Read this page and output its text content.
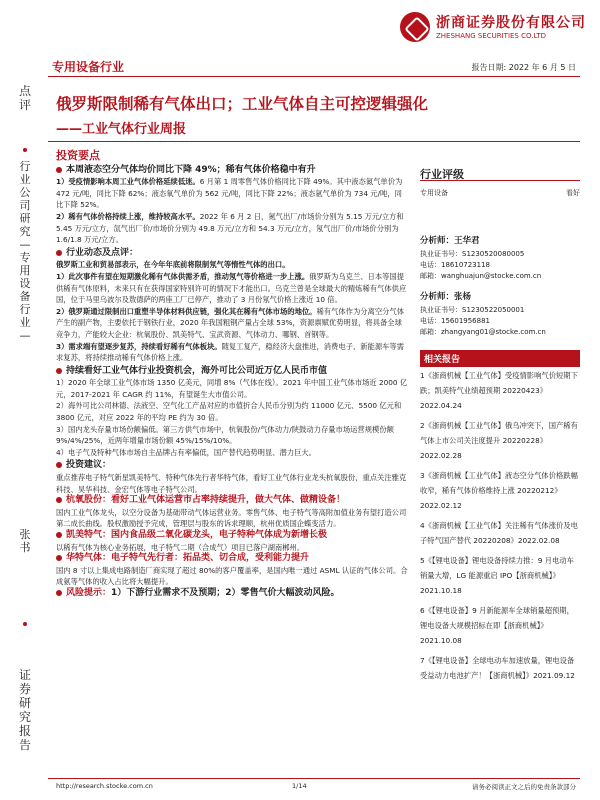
浙商证券股份有限公司
ZHESHANG SECURITIES CO.LTD
专用设备行业	报告日期: 2022 年 6 月 5 日
点评
行业公司研究—专用设备行业—
张书
证券研究报告
俄罗斯限制稀有气体出口；工业气体自主可控逻辑强化
——工业气体行业周报
投资要点

本周液态空分气体均价同比下降 49%；稀有气体价格稳中有升

1）受疫情影响本周工业气体价格延续低迷。6 月第 1 周零售气体价格同比下降 49%。其中液态氮气单价为 472 元/吨，同比下降 62%；液态氧气单价为 562 元/吨，同比下降 22%；液态氩气单价为 734 元/吨，同比下降 52%。

2）稀有气体价格持续上涨，维持较高水平。2022 年 6 月 2 日，氪气出厂/市场价分别为 5.15 万元/立方和 5.45 万元/立方，氙气出厂价/市场价分别为 49.8 万元/立方和 54.3 万元/立方，氖气出厂价/市场价分别为 1.6/1.8 万元/立方。

行业动态及点评：

俄罗斯工业和贸易部表示，在今年年底前将限制氖气等惰性气体的出口。

1）此次事件有望在短期激化稀有气体供需矛盾，推动氖气等价格进一步上涨。俄罗斯为乌克兰、日本等国提供稀有气体原料，未来只有在获得国家特别许可的情况下才能出口。乌克兰曾是全球最大的精炼稀有气体供应国，位于马里乌波尔及敖德萨的两座工厂已停产，推动了 3 月份氖气价格上涨近 10 倍。

2）俄罗斯通过限制出口重塑半导体材料供应链，强化其在稀有气体市场的地位。稀有气体作为分离空分气体产生的副产物，主要依托于钢铁行业，2020 年我国粗钢产量占全球 53%，资源禀赋优势明显，将具备全球竞争力，产能较大企业：杭氧股份、凯美特气、宝武资源、气体动力、哪钢、首钢等。

3）需求端有望逐步复苏，持续看好稀有气体板块。随复工复产，稳经济大盘推进，消费电子、新能源车等需求复苏，将持续推动稀有气体价格上涨。

持续看好工业气体行业投资机会，海外可比公司近万亿人民币市值

1）2020 年全球工业气体市场 1350 亿美元，同增 8%（气体在线）。2021 年中国工业气体市场近 2000 亿元，2017-2021 年 CAGR 约 11%，有望诞生大市值公司。

2）海外可比公司林德、法液空、空气化工产品对应的市值折合人民币分别为约 11000 亿元、5500 亿元和 3800 亿元，对应 2022 年的平均 PE 约为 30 倍。

3）国内龙头存量市场份额偏低。第三方供气市场中，杭氧股份/气体动力/陕鼓动力存量市场运营规模份额 9%/4%/25%，近两年增量市场份额 45%/15%/10%。

4）电子气及特种气体市场自主品牌占有率偏低，国产替代趋势明显、潜力巨大。

投资建议：

重点推荐电子特气新星凯美特气、特种气体先行者华特气体，看好工业气体行业龙头杭氧股份，重点关注雅克科技、昊华科技、金宏气体等电子特气公司。

杭氧股份：看好工业气体运营市占率持续提升，做大气体、做精设备！

国内工业气体龙头，以空分设备为基础带动气体运营业务。零售气体、电子特气等高附加值业务有望打造公司第二成长曲线。股权激励授予完成，管理层与股东的诉求理顺，杭州优质国企蝶变活力。

凯美特气：国内食品级二氧化碳龙头，电子特种气体成为新增长极

以稀有气体为核心业务拓展，电子特气二期（合成气）项目已落户湖南郴州。

华特气体：电子特气先行者：拓品类、切合成，受利能力提升

国内 8 寸以上集成电路制造厂商实现了超过 80%的客户覆盖率，是国内唯一通过 ASML 认证的气体公司。合成氨等气体的收入占比将大幅提升。

风险提示：1）下游行业需求不及预期；2）零售气价大幅波动风险。

行业评级
专用设备	看好
分析师：王华君
执业证书号：S1230520080005
电话：18610723118
邮箱：wanghuajun@stocke.com.cn
分析师：张杨
执业证书号：S1230522050001
电话：15601956881
邮箱：zhangyang01@stocke.com.cn
相关报告
1《浙商机械【工业气体】受疫情影响气价短期下跌；凯美特气业绩超预期 20220423》2022.04.24
2《浙商机械【工业气体】俄乌冲突下，国产稀有气体上市公司关注度提升 20220228》2022.02.28
3《浙商机械【工业气体】液态空分气体价格跌幅收窄，稀有气体价格维持上涨 20220212》2022.02.12
4《浙商机械【工业气体】关注稀有气体涨价及电子特气国产替代 20220208》2022.02.08
5《【锂电设备】锂电设备持续力推：9 月电动车销量大增，LG 能源重启 IPO【浙商机械】》2021.10.18
6《【锂电设备】9 月新能源车全球销量超预期，锂电设备大规模招标在即【浙商机械】》2021.10.08
7《【锂电设备】全球电动车加速放量，锂电设备受益动力电池扩产！【浙商机械】》2021.09.12
http://research.stocke.com.cn	1/14	请务必阅读正文之后的免责条款部分
